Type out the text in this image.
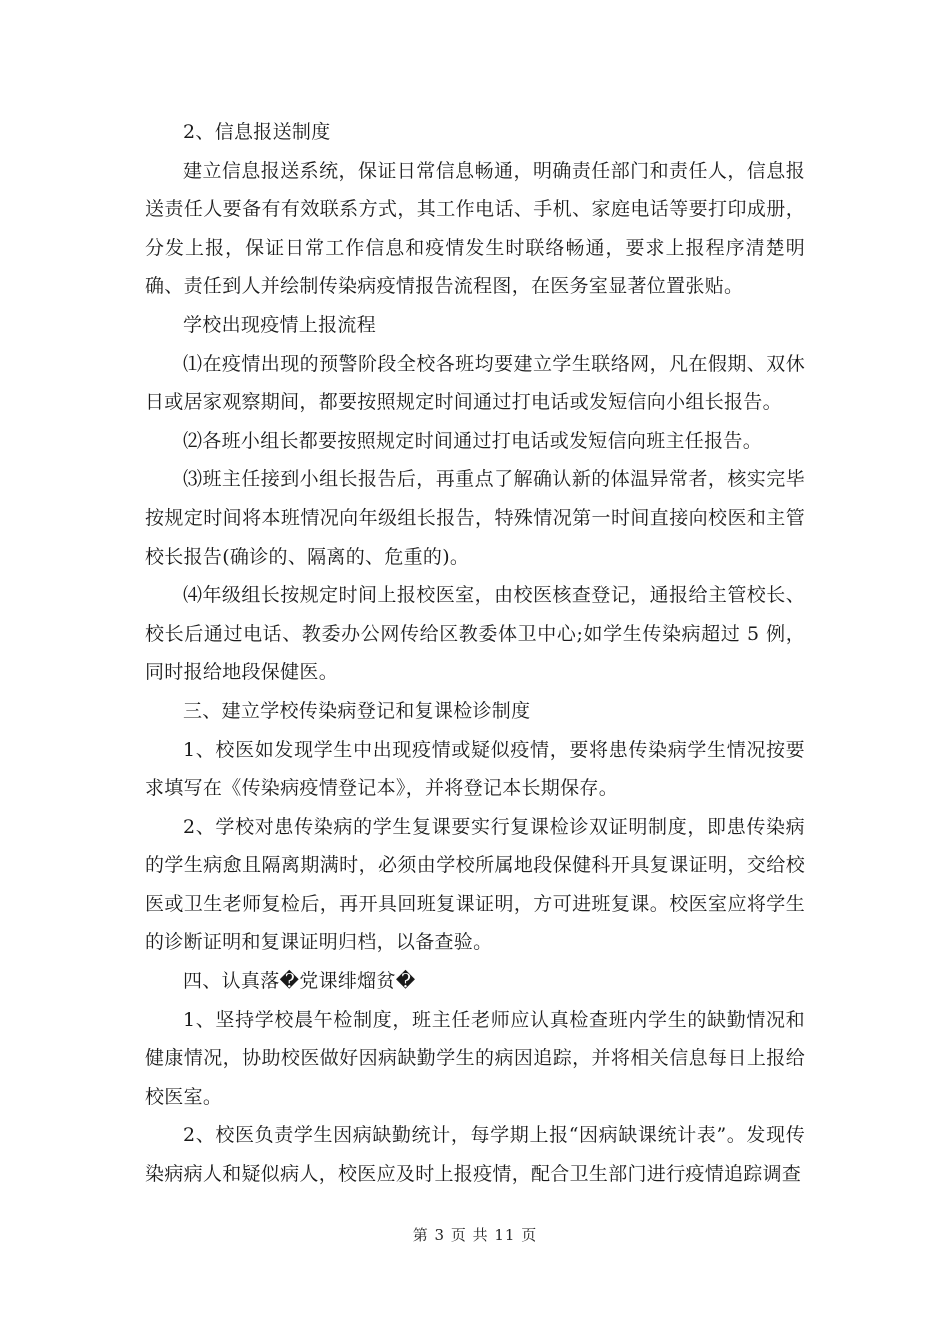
2、信息报送制度

建立信息报送系统，保证日常信息畅通，明确责任部门和责任人，信息报送责任人要备有有效联系方式，其工作电话、手机、家庭电话等要打印成册，分发上报，保证日常工作信息和疫情发生时联络畅通，要求上报程序清楚明确、责任到人并绘制传染病疫情报告流程图，在医务室显著位置张贴。

学校出现疫情上报流程

⑴在疫情出现的预警阶段全校各班均要建立学生联络网，凡在假期、双休日或居家观察期间，都要按照规定时间通过打电话或发短信向小组长报告。

⑵各班小组长都要按照规定时间通过打电话或发短信向班主任报告。

⑶班主任接到小组长报告后，再重点了解确认新的体温异常者，核实完毕按规定时间将本班情况向年级组长报告，特殊情况第一时间直接向校医和主管校长报告(确诊的、隔离的、危重的)。

⑷年级组长按规定时间上报校医室，由校医核查登记，通报给主管校长、校长后通过电话、教委办公网传给区教委体卫中心;如学生传染病超过 5 例，同时报给地段保健医。

三、建立学校传染病登记和复课检诊制度

1、校医如发现学生中出现疫情或疑似疫情，要将患传染病学生情况按要求填写在《传染病疫情登记本》，并将登记本长期保存。

2、学校对患传染病的学生复课要实行复课检诊双证明制度，即患传染病的学生病愈且隔离期满时，必须由学校所属地段保健科开具复课证明，交给校医或卫生老师复检后，再开具回班复课证明，方可进班复课。校医室应将学生的诊断证明和复课证明归档，以备查验。

四、认真落�党课绯熘贫�

1、坚持学校晨午检制度，班主任老师应认真检查班内学生的缺勤情况和健康情况，协助校医做好因病缺勤学生的病因追踪，并将相关信息每日上报给校医室。

2、校医负责学生因病缺勤统计，每学期上报“因病缺课统计表”。发现传染病病人和疑似病人，校医应及时上报疫情，配合卫生部门进行疫情追踪调查

第 3 页 共 11 页
